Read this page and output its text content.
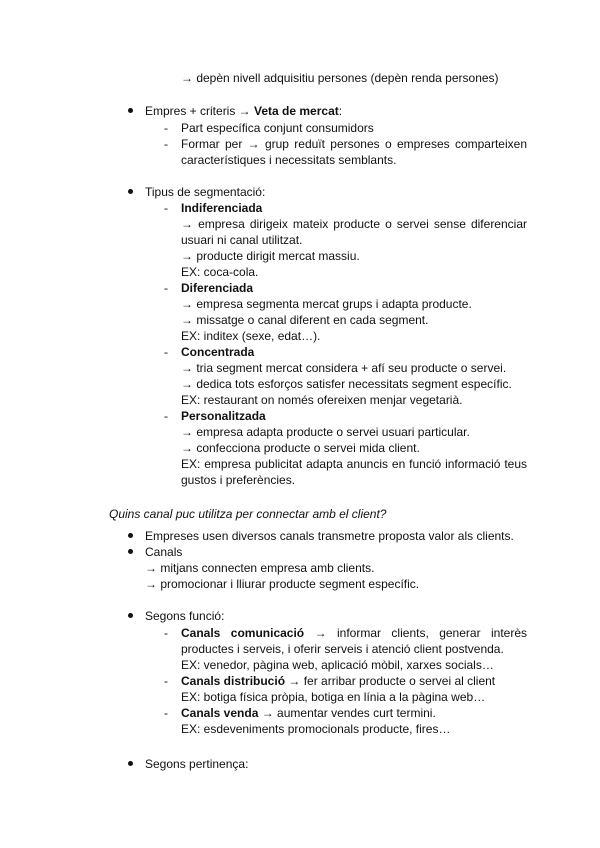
→ depèn nivell adquisitiu persones (depèn renda persones)
Empres + criteris → Veta de mercat:
- Part específica conjunt consumidors
- Formar per → grup reduït persones o empreses comparteixen
característiques i necessitats semblants.
Tipus de segmentació:
- Indiferenciada
→ empresa dirigeix mateix producte o servei sense diferenciar
usuari ni canal utilitzat.
→ producte dirigit mercat massiu.
EX: coca-cola.
- Diferenciada
→ empresa segmenta mercat grups i adapta producte.
→ missatge o canal diferent en cada segment.
EX: inditex (sexe, edat…).
- Concentrada
→ tria segment mercat considera + afí seu producte o servei.
→ dedica tots esforços satisfer necessitats segment específic.
EX: restaurant on només ofereixen menjar vegetarià.
- Personalitzada
→ empresa adapta producte o servei usuari particular.
→ confecciona producte o servei mida client.
EX: empresa publicitat adapta anuncis en funció informació teus
gustos i preferències.
Quins canal puc utilitza per connectar amb el client?
Empreses usen diversos canals transmetre proposta valor als clients.
Canals
→ mitjans connecten empresa amb clients.
→ promocionar i lliurar producte segment específic.
Segons funció:
- Canals comunicació → informar clients, generar interès
productes i serveis, i oferir serveis i atenció client postvenda.
EX: venedor, pàgina web, aplicació mòbil, xarxes socials…
- Canals distribució → fer arribar producte o servei al client
EX: botiga física pròpia, botiga en línia a la pàgina web…
- Canals venda → aumentar vendes curt termini.
EX: esdeveniments promocionals producte, fires…
Segons pertinença:
